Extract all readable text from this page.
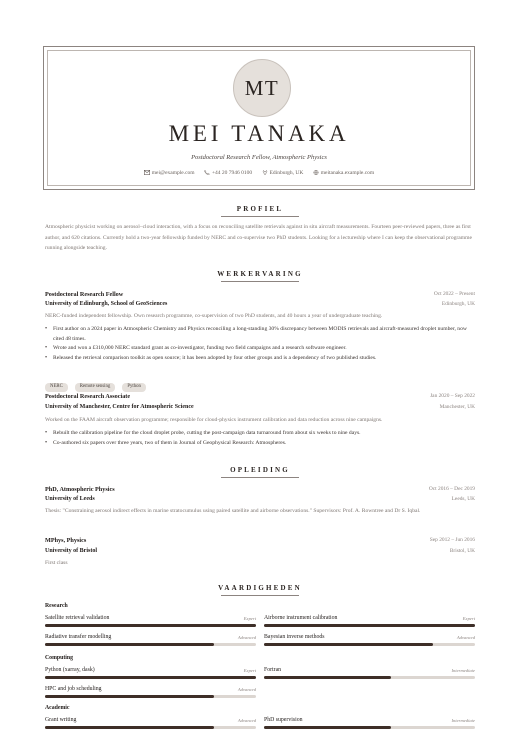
MT
MEI TANAKA
Postdoctoral Research Fellow, Atmospheric Physics
mei@example.com	+44 20 7946 0100	Edinburgh, UK	meitanaka.example.com
PROFIEL
Atmospheric physicist working on aerosol–cloud interaction, with a focus on reconciling satellite retrievals against in situ aircraft measurements. Fourteen peer-reviewed papers, three as first author, and 620 citations. Currently hold a two-year fellowship funded by NERC and co-supervise two PhD students. Looking for a lectureship where I can keep the observational programme running alongside teaching.
WERKERVARING
Postdoctoral Research Fellow	Oct 2022 – Present
University of Edinburgh, School of GeoSciences	Edinburgh, UK
NERC-funded independent fellowship. Own research programme, co-supervision of two PhD students, and 40 hours a year of undergraduate teaching.
• First author on a 2024 paper in Atmospheric Chemistry and Physics reconciling a long-standing 30% discrepancy between MODIS retrievals and aircraft-measured droplet number, now cited 48 times.
• Wrote and won a £310,000 NERC standard grant as co-investigator, funding two field campaigns and a research software engineer.
• Released the retrieval comparison toolkit as open source; it has been adopted by four other groups and is a dependency of two published studies.
NERC	Remote sensing	Python
Postdoctoral Research Associate	Jan 2020 – Sep 2022
University of Manchester, Centre for Atmospheric Science	Manchester, UK
Worked on the FAAM aircraft observation programme; responsible for cloud-physics instrument calibration and data reduction across nine campaigns.
• Rebuilt the calibration pipeline for the cloud droplet probe, cutting the post-campaign data turnaround from about six weeks to nine days.
• Co-authored six papers over three years, two of them in Journal of Geophysical Research: Atmospheres.
OPLEIDING
PhD, Atmospheric Physics	Oct 2016 – Dec 2019
University of Leeds	Leeds, UK
Thesis: "Constraining aerosol indirect effects in marine stratocumulus using paired satellite and airborne observations." Supervisors: Prof. A. Rowntree and Dr S. Iqbal.
MPhys, Physics	Sep 2012 – Jun 2016
University of Bristol	Bristol, UK
First class
VAARDIGHEDEN
Research
Satellite retrieval validation	Expert Airborne instrument calibration	Expert
Radiative transfer modelling	Advanced Bayesian inverse methods	Advanced
Computing
Python (xarray, dask)	Expert Fortran	Intermediate
HPC and job scheduling	Advanced
Academic
Grant writing	Advanced PhD supervision	Intermediate
